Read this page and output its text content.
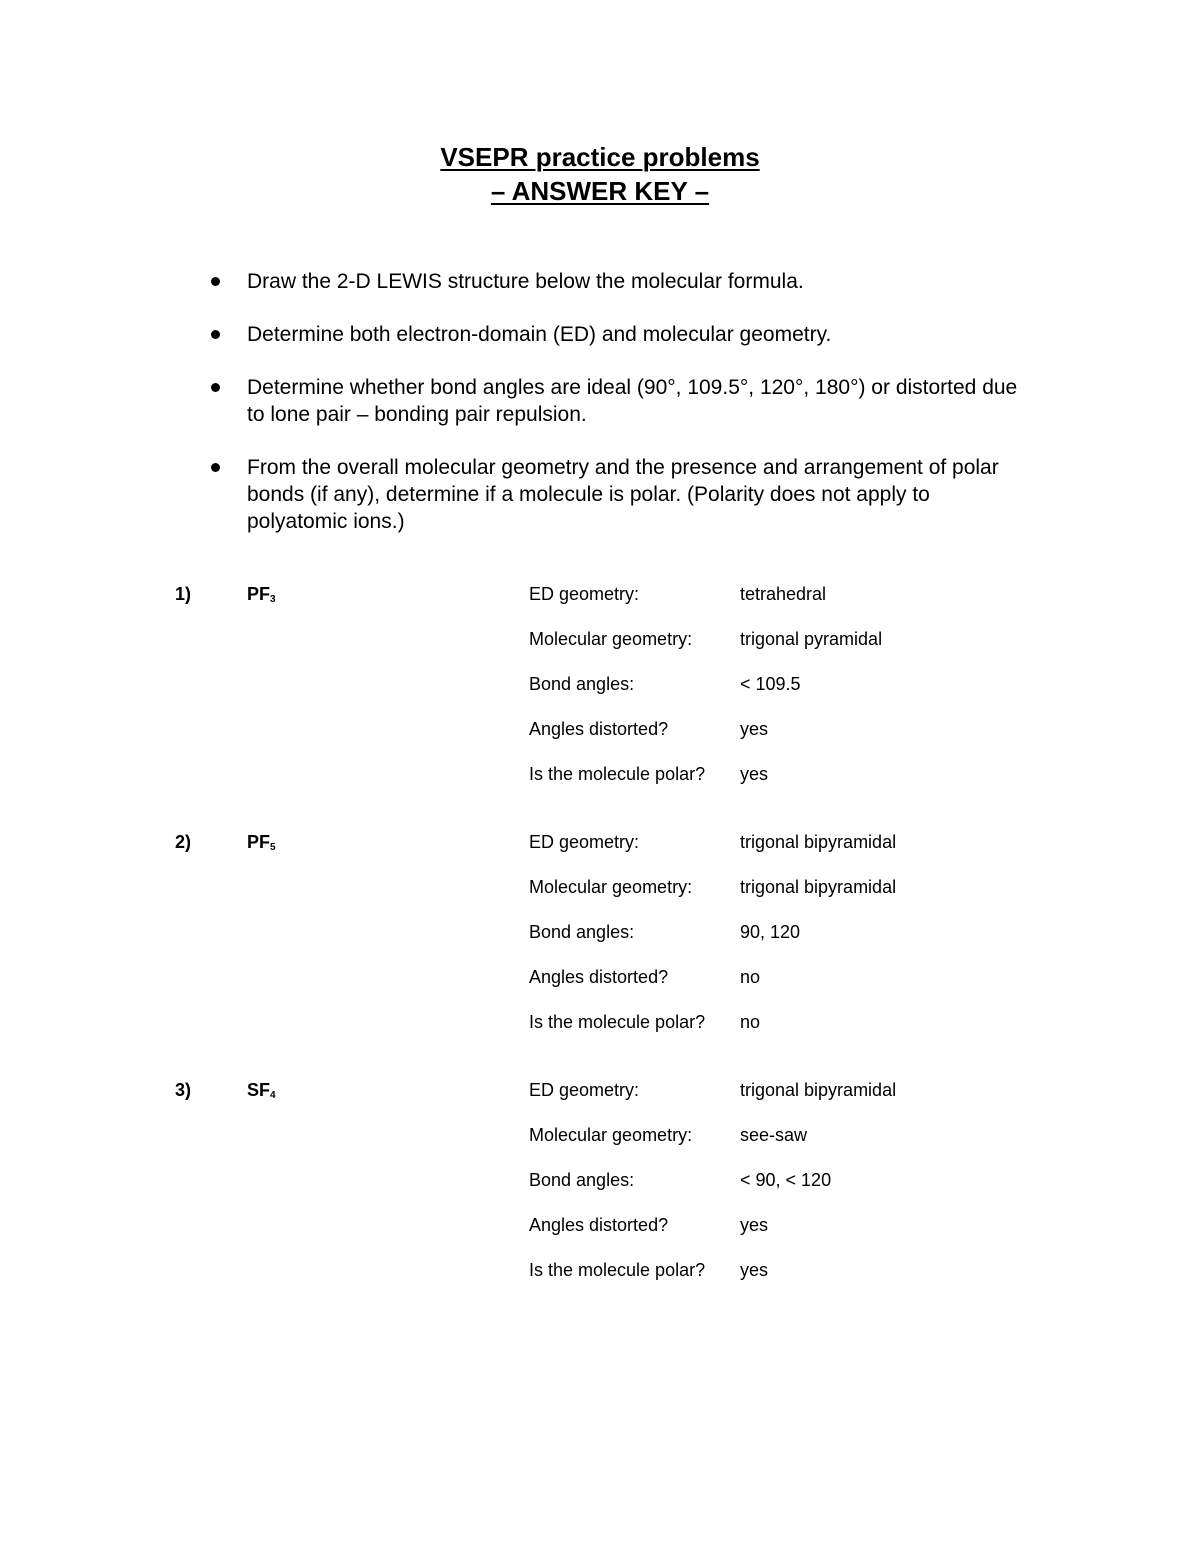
VSEPR practice problems
– ANSWER KEY –
Draw the 2-D LEWIS structure below the molecular formula.
Determine both electron-domain (ED) and molecular geometry.
Determine whether bond angles are ideal (90°, 109.5°, 120°, 180°) or distorted due to lone pair – bonding pair repulsion.
From the overall molecular geometry and the presence and arrangement of polar bonds (if any), determine if a molecule is polar. (Polarity does not apply to polyatomic ions.)
1)	$PF_3$	ED geometry:	tetrahedral
Molecular geometry:	trigonal pyramidal
Bond angles:	< 109.5
Angles distorted?	yes
Is the molecule polar? yes
2)	$PF_5$	ED geometry:	trigonal bipyramidal
Molecular geometry:	trigonal bipyramidal
Bond angles:	90, 120
Angles distorted?	no
Is the molecule polar? no
3)	$SF_4$	ED geometry:	trigonal bipyramidal
Molecular geometry:	see-saw
Bond angles:	< 90, < 120
Angles distorted?	yes
Is the molecule polar? yes
